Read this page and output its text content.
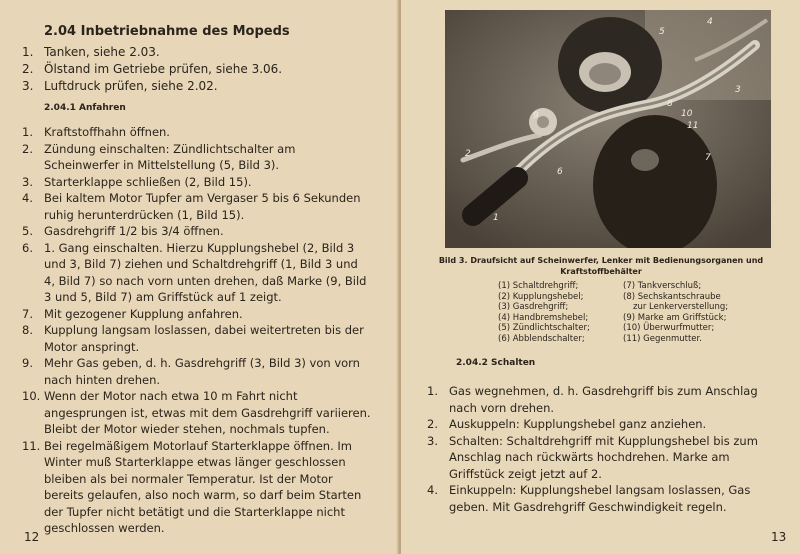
2.04 Inbetriebnahme des Mopeds
1. Tanken, siehe 2.03.
2. Ölstand im Getriebe prüfen, siehe 3.06.
3. Luftdruck prüfen, siehe 2.02.
2.04.1 Anfahren
1. Kraftstoffhahn öffnen.
2. Zündung einschalten: Zündlichtschalter am Scheinwerfer in Mittelstellung (5, Bild 3).
3. Starterklappe schließen (2, Bild 15).
4. Bei kaltem Motor Tupfer am Vergaser 5 bis 6 Sekunden ruhig herunterdrücken (1, Bild 15).
5. Gasdrehgriff 1/2 bis 3/4 öffnen.
6. 1. Gang einschalten. Hierzu Kupplungshebel (2, Bild 3 und 3, Bild 7) ziehen und Schaltdrehgriff (1, Bild 3 und 4, Bild 7) so nach vorn unten drehen, daß Marke (9, Bild 3 und 5, Bild 7) am Griffstück auf 1 zeigt.
7. Mit gezogener Kupplung anfahren.
8. Kupplung langsam loslassen, dabei weitertreten bis der Motor anspringt.
9. Mehr Gas geben, d. h. Gasdrehgriff (3, Bild 3) von vorn nach hinten drehen.
10. Wenn der Motor nach etwa 10 m Fahrt nicht angesprungen ist, etwas mit dem Gasdrehgriff variieren. Bleibt der Motor wieder stehen, nochmals tupfen.
11. Bei regelmäßigem Motorlauf Starterklappe öffnen. Im Winter muß Starterklappe etwas länger geschlossen bleiben als bei normaler Temperatur. Ist der Motor bereits gelaufen, also noch warm, so darf beim Starten der Tupfer nicht betätigt und die Starterklappe nicht geschlossen werden.
12
1
2
3
4
5
6
7
8
9	10
11
Bild 3. Draufsicht auf Scheinwerfer, Lenker mit Bedienungsorganen und Kraftstoffbehälter
(1) Schaltdrehgriff;
(2) Kupplungshebel;
(3) Gasdrehgriff;
(4) Handbremshebel;
(5) Zündlichtschalter;
(6) Abblendschalter;
(7) Tankverschluß;
(8) Sechskantschraube
zur Lenkerverstellung;
(9) Marke am Griffstück;
(10) Überwurfmutter;
(11) Gegenmutter.
2.04.2 Schalten
1. Gas wegnehmen, d. h. Gasdrehgriff bis zum Anschlag nach vorn drehen.
2. Auskuppeln: Kupplungshebel ganz anziehen.
3. Schalten: Schaltdrehgriff mit Kupplungshebel bis zum Anschlag nach rückwärts hochdrehen. Marke am Griffstück zeigt jetzt auf 2.
4. Einkuppeln: Kupplungshebel langsam loslassen, Gas geben. Mit Gasdrehgriff Geschwindigkeit regeln.
13
